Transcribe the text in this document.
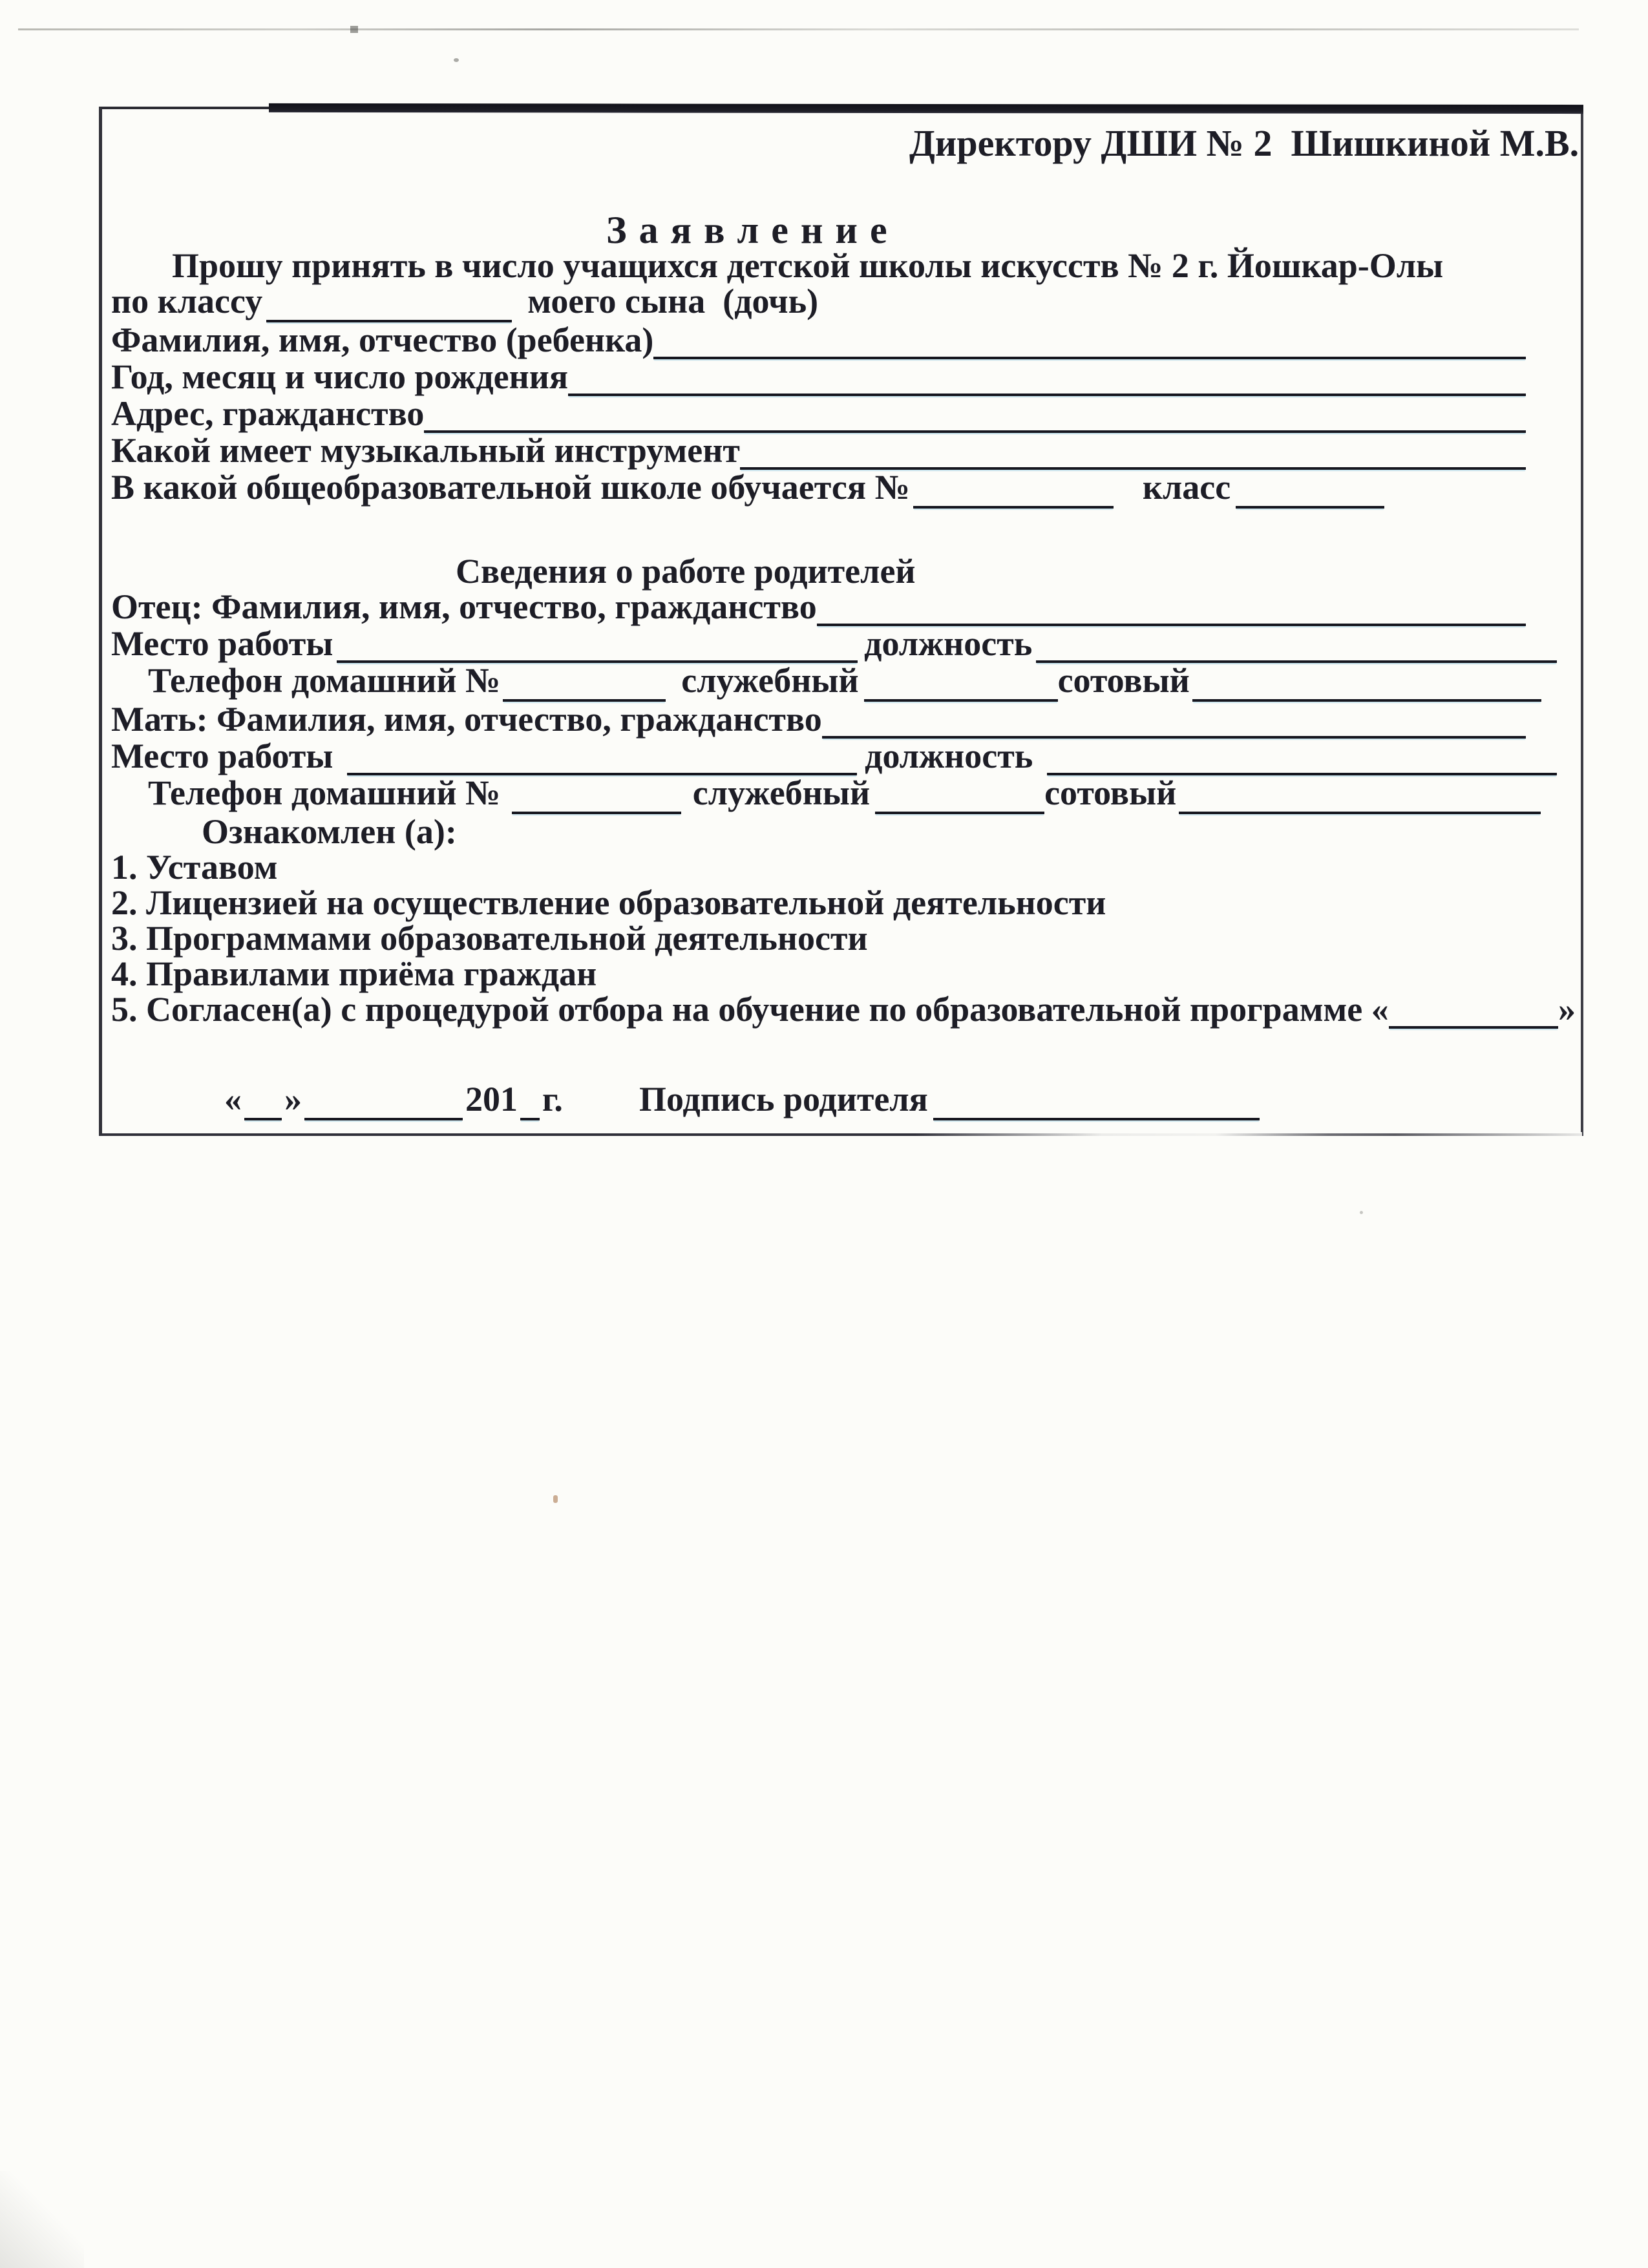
Директору ДШИ № 2  Шишкиной М.В.
З а я в л е н и е
Прошу принять в число учащихся детской школы искусств № 2 г. Йошкар-Олы
по классу	моего сына  (дочь)
Фамилия, имя, отчество (ребенка)
Год, месяц и число рождения
Адрес, гражданство
Какой имеет музыкальный инструмент
В какой общеобразовательной школе обучается №	класс
Сведения о работе родителей
Отец: Фамилия, имя, отчество, гражданство
Место работы	должность
Телефон домашний №	служебный	сотовый
Мать: Фамилия, имя, отчество, гражданство
Место работы	должность
Телефон домашний №	служебный	сотовый
Ознакомлен (а):
1. Уставом
2. Лицензией на осуществление образовательной деятельности
3. Программами образовательной деятельности
4. Правилами приёма граждан
5. Согласен(а) с процедурой отбора на обучение по образовательной программе «	»
« »	201 г. Подпись родителя
